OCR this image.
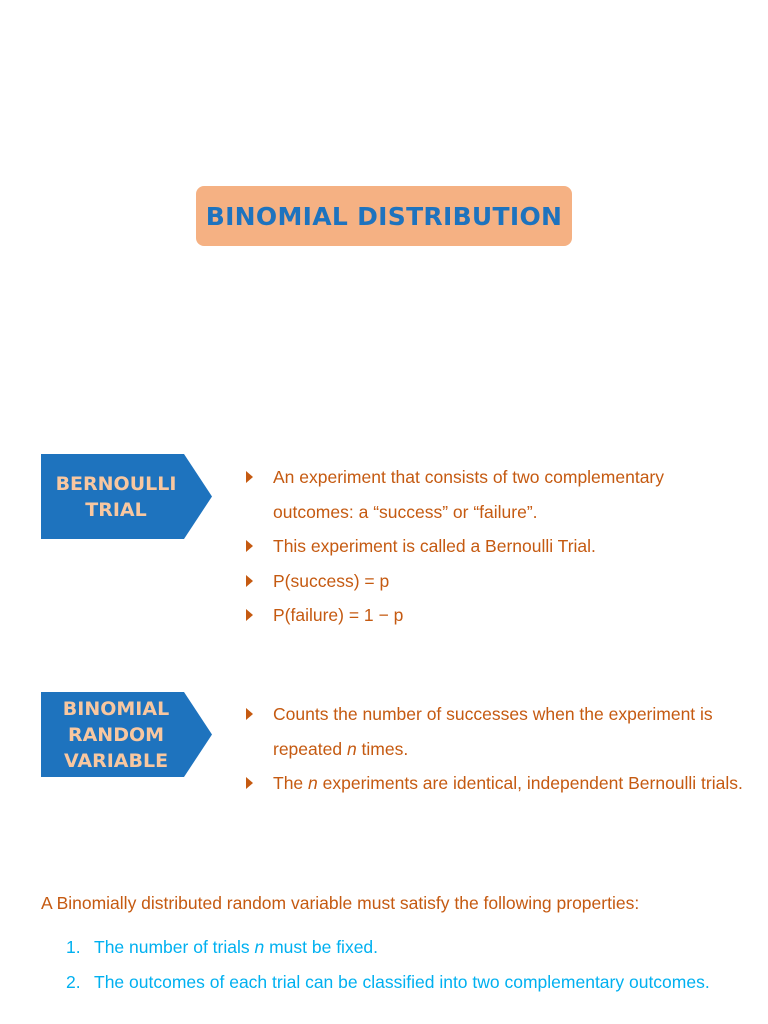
BINOMIAL DISTRIBUTION
BERNOULLI
TRIAL
An experiment that consists of two complementary outcomes: a “success” or “failure”.
This experiment is called a Bernoulli Trial.
P(success) = p
P(failure) = 1 − p
BINOMIAL
RANDOM
VARIABLE
Counts the number of successes when the experiment is repeated n times.
The n experiments are identical, independent Bernoulli trials.
A Binomially distributed random variable must satisfy the following properties:
1. The number of trials n must be fixed.
2. The outcomes of each trial can be classified into two complementary outcomes.
